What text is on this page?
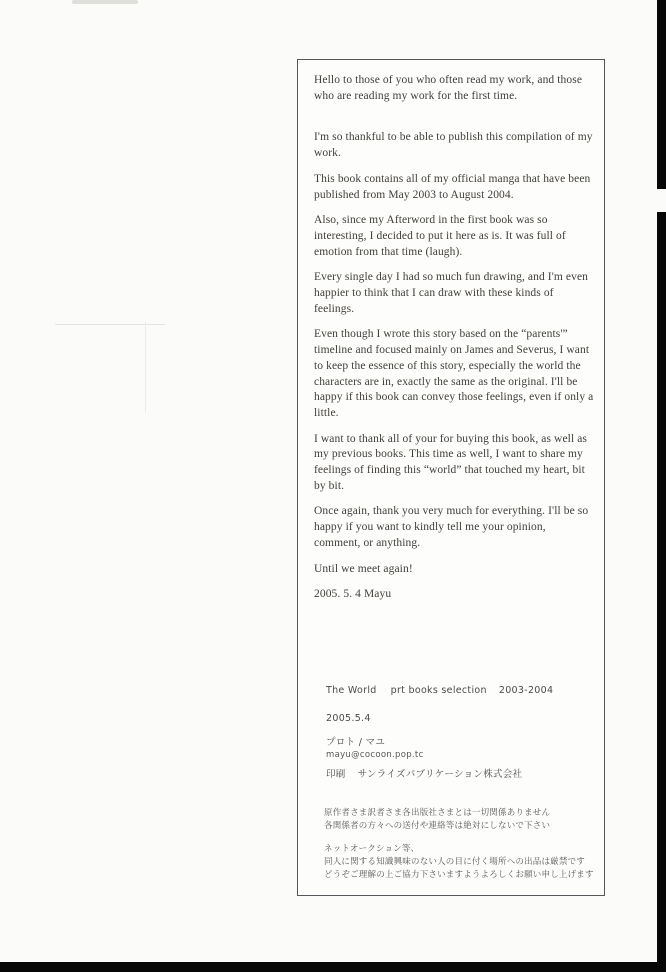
Hello to those of you who often read my work, and those who are reading my work for the first time.

I'm so thankful to be able to publish this compilation of my work.

This book contains all of my official manga that have been published from May 2003 to August 2004.

Also, since my Afterword in the first book was so interesting, I decided to put it here as is. It was full of emotion from that time (laugh).

Every single day I had so much fun drawing, and I'm even happier to think that I can draw with these kinds of feelings.

Even though I wrote this story based on the “parents'” timeline and focused mainly on James and Severus, I want to keep the essence of this story, especially the world the characters are in, exactly the same as the original. I'll be happy if this book can convey those feelings, even if only a little.

I want to thank all of your for buying this book, as well as my previous books. This time as well, I want to share my feelings of finding this “world” that touched my heart, bit by bit.

Once again, thank you very much for everything. I'll be so happy if you want to kindly tell me your opinion, comment, or anything.

Until we meet again!

2005. 5. 4 Mayu

The World prt books selection 2003-2004
2005.5.4
プロト / マユ
mayu@cocoon.pop.tc
印刷 サンライズパブリケーション株式会社
原作者さま訳者さま各出版社さまとは一切関係ありません
各関係者の方々への送付や連絡等は絶対にしないで下さい
ネットオークション等、
同人に関する知識興味のない人の目に付く場所への出品は厳禁です
どうぞご理解の上ご協力下さいますようよろしくお願い申し上げます
